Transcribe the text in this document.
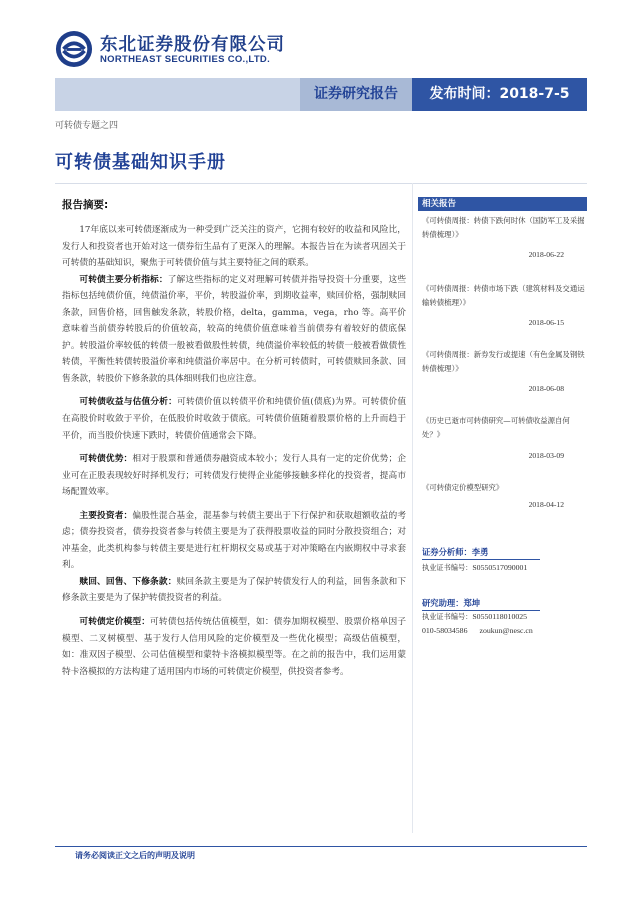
东北证券股份有限公司
NORTHEAST SECURITIES CO.,LTD.
证券研究报告	发布时间：2018-7-5
可转债专题之四
可转债基础知识手册
报告摘要:

17年底以来可转债逐渐成为一种受到广泛关注的资产，它拥有较好的收益和风险比，发行人和投资者也开始对这一债券衍生品有了更深入的理解。本报告旨在为读者巩固关于可转债的基础知识，聚焦于可转债价值与其主要特征之间的联系。

可转债主要分析指标：了解这些指标的定义对理解可转债并指导投资十分重要，这些指标包括纯债价值，纯债溢价率，平价，转股溢价率，到期收益率，赎回价格，强制赎回条款，回售价格，回售触发条款，转股价格，delta，gamma，vega，rho 等。高平价意味着当前债券转股后的价值较高，较高的纯债价值意味着当前债券有着较好的债底保护。转股溢价率较低的转债一般被看做股性转债，纯债溢价率较低的转债一般被看做债性转债，平衡性转债转股溢价率和纯债溢价率居中。在分析可转债时，可转债赎回条款、回售条款，转股价下修条款的具体细则我们也应注意。

可转债收益与估值分析：可转债价值以转债平价和纯债价值(债底)为界。可转债价值在高股价时收敛于平价，在低股价时收敛于债底。可转债价值随着股票价格的上升而趋于平价，而当股价快速下跌时，转债价值通常会下降。

可转债优势：相对于股票和普通债券融资成本较小；发行人具有一定的定价优势；企业可在正股表现较好时择机发行；可转债发行使得企业能够接触多样化的投资者，提高市场配置效率。

主要投资者：偏股性混合基金，混基参与转债主要出于下行保护和获取超额收益的考虑；债券投资者，债券投资者参与转债主要是为了获得股票收益的同时分散投资组合；对冲基金，此类机构参与转债主要是进行杠杆期权交易或基于对冲策略在内嵌期权中寻求套利。

赎回、回售、下修条款：赎回条款主要是为了保护转债发行人的利益，回售条款和下修条款主要是为了保护转债投资者的利益。

可转债定价模型：可转债包括传统估值模型，如：债券加期权模型、股票价格单因子模型、二叉树模型、基于发行人信用风险的定价模型及一些优化模型；高级估值模型，如：准双因子模型、公司估值模型和蒙特卡洛模拟模型等。在之前的报告中，我们运用蒙特卡洛模拟的方法构建了适用国内市场的可转债定价模型，供投资者参考。

相关报告
《可转债周报：转债下跌何时休（国防军工及采掘转债梳理）》
2018-06-22
《可转债周报：转债市场下跌（建筑材料及交通运输转债梳理）》
2018-06-15
《可转债周报：新券发行或提速（有色金属及钢铁转债梳理）》
2018-06-08
《历史已逝市可转债研究—可转债收益源自何处？》
2018-03-09
《可转债定价模型研究》
2018-04-12
证券分析师：李勇
执业证书编号：S0550517090001
研究助理：郑坤
执业证书编号：S0550118010025
010-58034586 zoukun@nesc.cn
请务必阅读正文之后的声明及说明
